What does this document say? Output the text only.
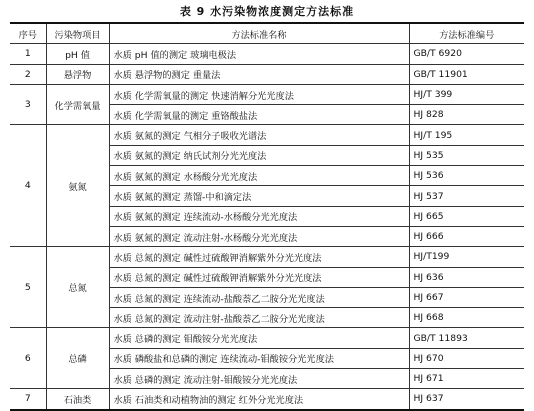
表 9 水污染物浓度测定方法标准
序号	污染物项目	方法标准名称	方法标准编号
1	pH 值	水质 pH 值的测定 玻璃电极法	GB/T 6920
2	悬浮物	水质 悬浮物的测定 重量法	GB/T 11901
3	化学需氧量	水质 化学需氧量的测定 快速消解分光光度法	HJ/T 399
		水质 化学需氧量的测定 重铬酸盐法	HJ 828
4	氨氮	水质 氨氮的测定 气相分子吸收光谱法	HJ/T 195
		水质 氨氮的测定 纳氏试剂分光光度法	HJ 535
		水质 氨氮的测定 水杨酸分光光度法	HJ 536
		水质 氨氮的测定 蒸馏-中和滴定法	HJ 537
		水质 氨氮的测定 连续流动-水杨酸分光光度法	HJ 665
		水质 氨氮的测定 流动注射-水杨酸分光光度法	HJ 666
5	总氮	水质 总氮的测定 碱性过硫酸钾消解紫外分光光度法	HJ/T199
		水质 总氮的测定 碱性过硫酸钾消解紫外分光光度法	HJ 636
		水质 总氮的测定 连续流动-盐酸萘乙二胺分光光度法	HJ 667
		水质 总氮的测定 流动注射-盐酸萘乙二胺分光光度法	HJ 668
6	总磷	水质 总磷的测定 钼酸铵分光光度法	GB/T 11893
		水质 磷酸盐和总磷的测定 连续流动-钼酸铵分光光度法	HJ 670
		水质 总磷的测定 流动注射-钼酸铵分光光度法	HJ 671
7	石油类	水质 石油类和动植物油的测定 红外分光光度法	HJ 637
